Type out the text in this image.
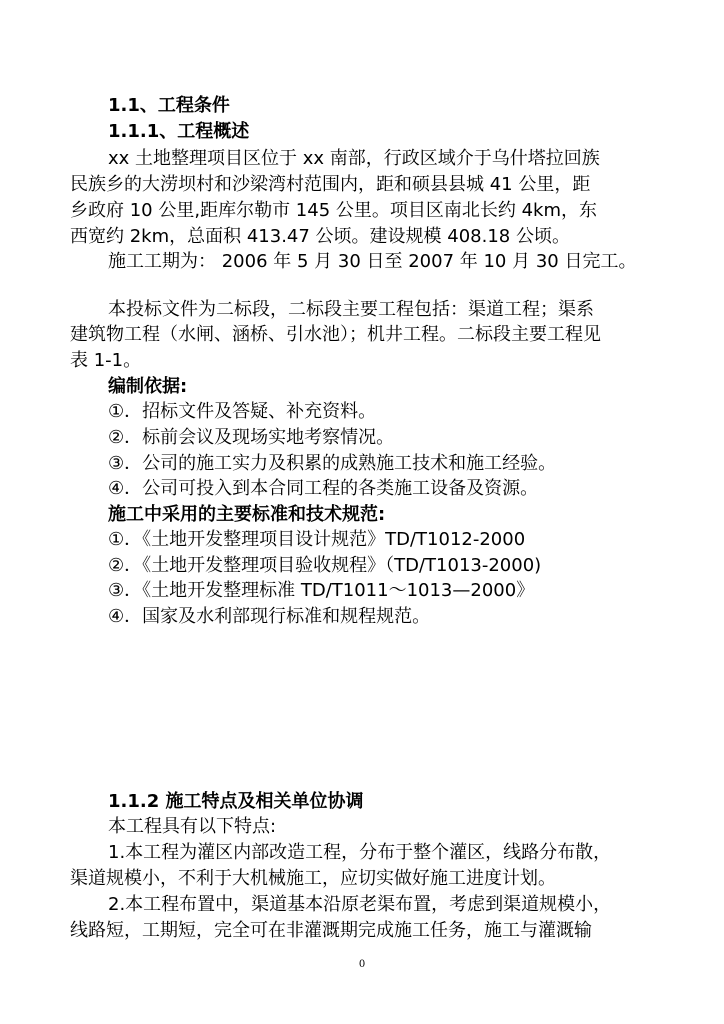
1.1、工程条件
1.1.1、工程概述
xx 土地整理项目区位于 xx 南部，行政区域介于乌什塔拉回族
民族乡的大涝坝村和沙梁湾村范围内，距和硕县县城 41 公里，距
乡政府 10 公里,距库尔勒市 145 公里。项目区南北长约 4km，东
西宽约 2km，总面积 413.47 公顷。建设规模 408.18 公顷。
施工工期为： 2006 年 5 月 30 日至 2007 年 10 月 30 日完工。
本投标文件为二标段，二标段主要工程包括：渠道工程；渠系
建筑物工程（水闸、涵桥、引水池）；机井工程。二标段主要工程见
表 1-1。
编制依据:
①．招标文件及答疑、补充资料。
②．标前会议及现场实地考察情况。
③．公司的施工实力及积累的成熟施工技术和施工经验。
④．公司可投入到本合同工程的各类施工设备及资源。
施工中采用的主要标准和技术规范:
①．《土地开发整理项目设计规范》TD/T1012-2000
②．《土地开发整理项目验收规程》（TD/T1013-2000)
③．《土地开发整理标准 TD/T1011～1013—2000》
④．国家及水利部现行标准和规程规范。
1.1.2 施工特点及相关单位协调
本工程具有以下特点:
1.本工程为灌区内部改造工程，分布于整个灌区，线路分布散，
渠道规模小，不利于大机械施工，应切实做好施工进度计划。
2.本工程布置中，渠道基本沿原老渠布置，考虑到渠道规模小，
线路短，工期短，完全可在非灌溉期完成施工任务，施工与灌溉输
0
